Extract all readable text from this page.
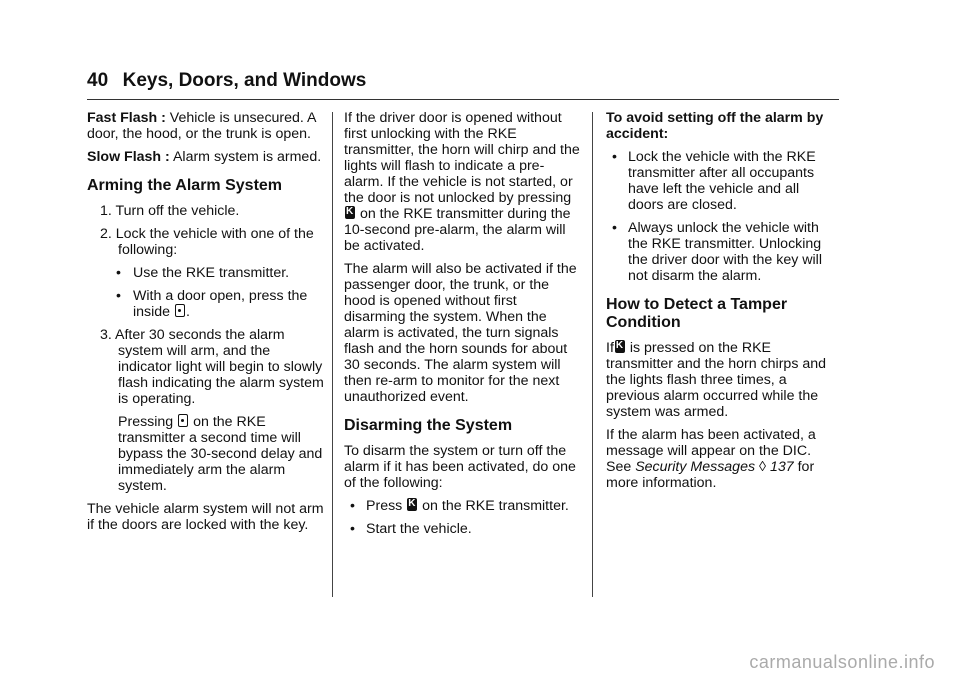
40 Keys, Doors, and Windows

Fast Flash : Vehicle is unsecured. A door, the hood, or the trunk is open.

Slow Flash : Alarm system is armed.

Arming the Alarm System

1. Turn off the vehicle.

2. Lock the vehicle with one of the following:

• Use the RKE transmitter.

• With a door open, press the inside .

3. After 30 seconds the alarm system will arm, and the indicator light will begin to slowly flash indicating the alarm system is operating.

Pressing on the RKE transmitter a second time will bypass the 30-second delay and immediately arm the alarm system.

The vehicle alarm system will not arm if the doors are locked with the key.

If the driver door is opened without first unlocking with the RKE transmitter, the horn will chirp and the lights will flash to indicate a pre-alarm. If the vehicle is not started, or the door is not unlocked by pressing K on the RKE transmitter during the 10-second pre-alarm, the alarm will be activated.

The alarm will also be activated if the passenger door, the trunk, or the hood is opened without first disarming the system. When the alarm is activated, the turn signals flash and the horn sounds for about 30 seconds. The alarm system will then re-arm to monitor for the next unauthorized event.

Disarming the System

To disarm the system or turn off the alarm if it has been activated, do one of the following:

• Press K on the RKE transmitter.

• Start the vehicle.

To avoid setting off the alarm by accident:

• Lock the vehicle with the RKE transmitter after all occupants have left the vehicle and all doors are closed.

• Always unlock the vehicle with the RKE transmitter. Unlocking the driver door with the key will not disarm the alarm.

How to Detect a Tamper Condition

If K is pressed on the RKE transmitter and the horn chirps and the lights flash three times, a previous alarm occurred while the system was armed.

If the alarm has been activated, a message will appear on the DIC. See Security Messages ◊ 137 for more information.

carmanualsonline.info
